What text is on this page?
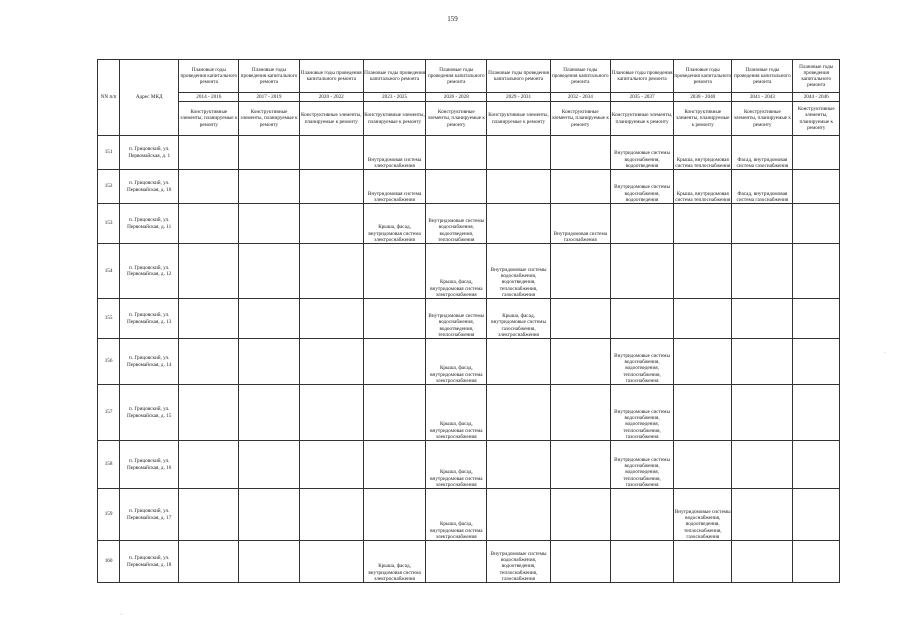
159
NN п/п	Адрес МКД	Плановые годы проведения капитального ремонта	Плановые годы проведения капитального ремонта	Плановые годы проведения капитального ремонта	Плановые годы проведения капитального ремонта	Плановые годы проведения капитального ремонта	Плановые годы проведения капитального ремонта	Плановые годы проведения капитального ремонта	Плановые годы проведения капитального ремонта	Плановые годы проведения капитального ремонта	Плановые годы проведения капитального ремонта	Плановые годы проведения капитального ремонта
		2014 - 2016	2017 - 2019	2020 - 2022	2023 - 2025	2026 - 2028	2029 - 2031	2032 - 2034	2035 - 2037	2038 - 2040	2041 - 2043	2044 - 2046
		Конструктивные элементы, планируемые к ремонту	Конструктивные элементы, планируемые к ремонту	Конструктивные элементы, планируемые к ремонту	Конструктивные элементы, планируемые к ремонту	Конструктивные элементы, планируемые к ремонту	Конструктивные элементы, планируемые к ремонту	Конструктивные элементы, планируемые к ремонту	Конструктивные элементы, планируемые к ремонту	Конструктивные элементы, планируемые к ремонту	Конструктивные элементы, планируемые к ремонту	Конструктивные элементы, планируемые к ремонту
151	п. Грицовский, ул. Первомайская, д. 1				Внутридомовая система электроснабжения				Внутридомовые системы водоснабжения, водоотведения	Крыша, внутридомовая система теплоснабжения	Фасад, внутридомовая система газоснабжения	
152	п. Грицовский, ул. Первомайская, д. 10				Внутридомовая система электроснабжения				Внутридомовые системы водоснабжения, водоотведения	Крыша, внутридомовая система теплоснабжения	Фасад, внутридомовая система газоснабжения	
153	п. Грицовский, ул. Первомайская, д. 11				Крыша, фасад, внутридомовая система электроснабжения	Внутридомовые системы водоснабжения, водоотведения, теплоснабжения		Внутридомовая система газоснабжения				
154	п. Грицовский, ул. Первомайская, д. 12					Крыша, фасад, внутридомовая система электроснабжения	Внутридомовые системы водоснабжения, водоотведения, теплоснабжения, газоснабжения					
155	п. Грицовский, ул. Первомайская, д. 13					Внутридомовые системы водоснабжения, водоотведения, теплоснабжения	Крыша, фасад, внутридомовые системы газоснабжения, электроснабжения					
156	п. Грицовский, ул. Первомайская, д. 14					Крыша, фасад, внутридомовая система электроснабжения			Внутридомовые системы водоснабжения, водоотведения, теплоснабжения, газоснабжения			
157	п. Грицовский, ул. Первомайская, д. 15					Крыша, фасад, внутридомовая система электроснабжения			Внутридомовые системы водоснабжения, водоотведения, теплоснабжения, газоснабжения			
158	п. Грицовский, ул. Первомайская, д. 16					Крыша, фасад, внутридомовая система электроснабжения			Внутридомовые системы водоснабжения, водоотведения, теплоснабжения, газоснабжения			
159	п. Грицовский, ул. Первомайская, д. 17					Крыша, фасад, внутридомовая система электроснабжения				Внутридомовые системы водоснабжения, водоотведения, теплоснабжения, газоснабжения		
160	п. Грицовский, ул. Первомайская, д. 18				Крыша, фасад, внутридомовая система электроснабжения		Внутридомовые системы водоснабжения, водоотведения, теплоснабжения, газоснабжения					
·
·
